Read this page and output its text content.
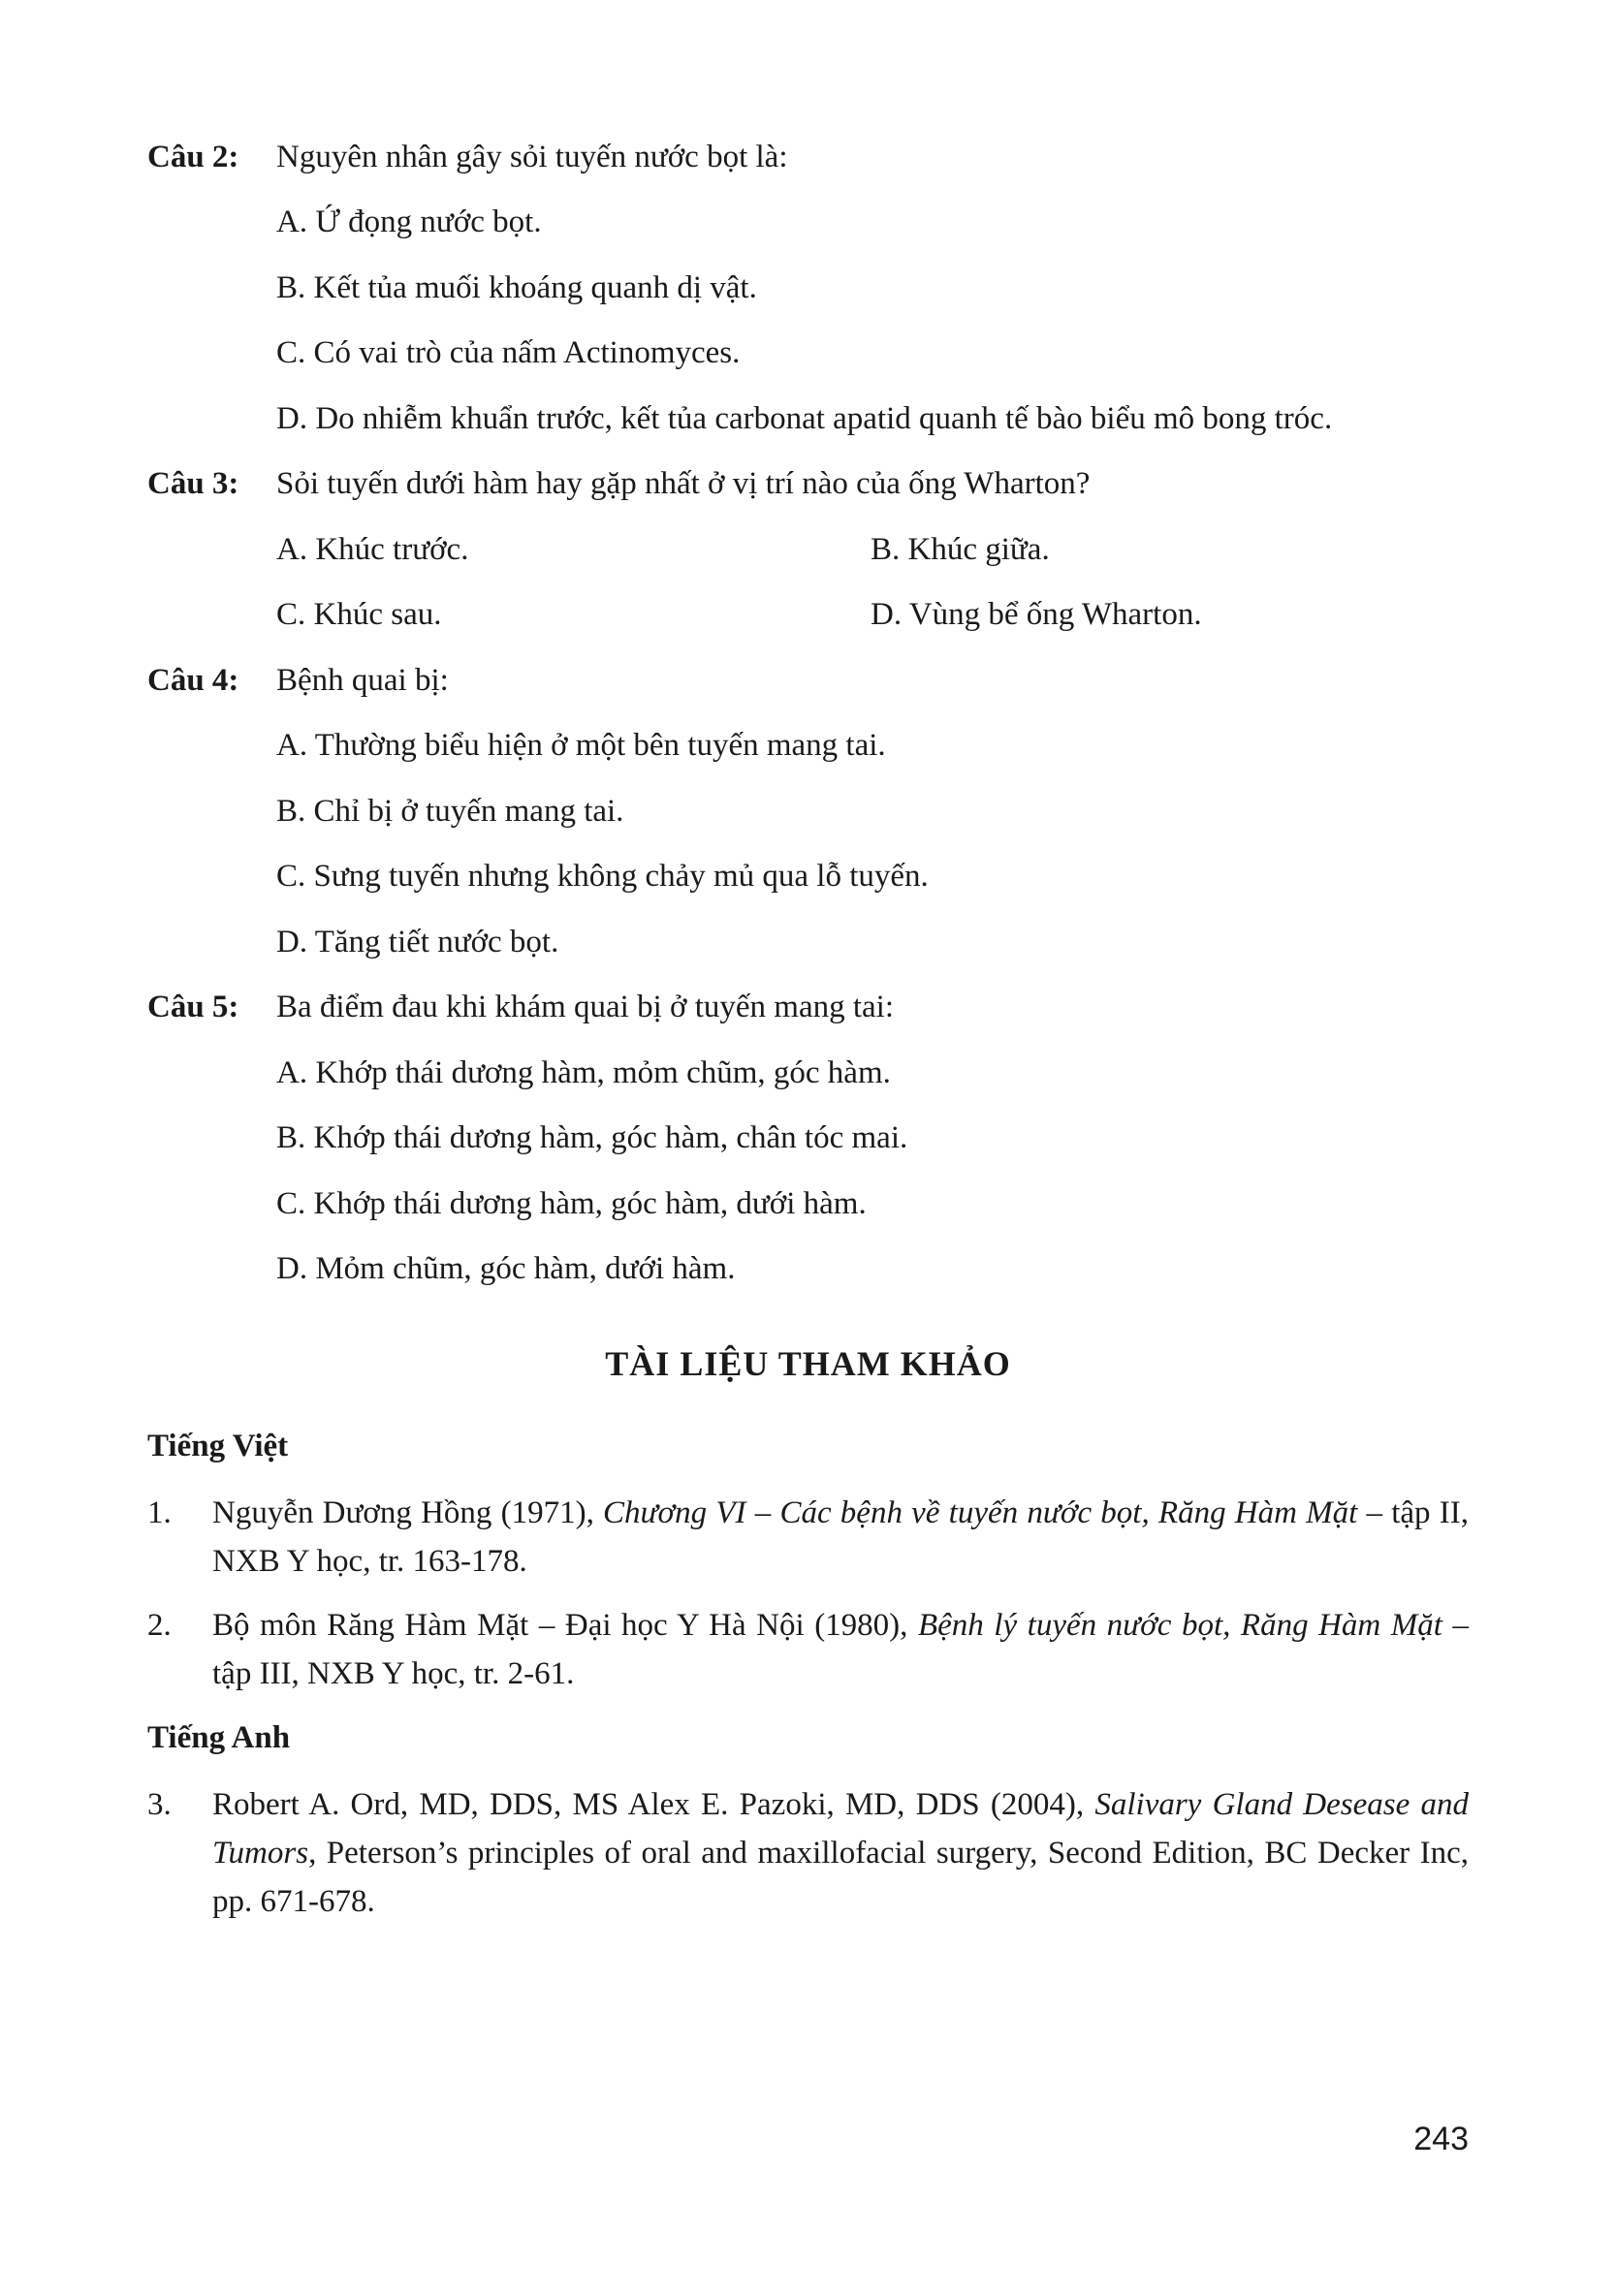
Câu 2: Nguyên nhân gây sỏi tuyến nước bọt là:
A. Ứ đọng nước bọt.
B. Kết tủa muối khoáng quanh dị vật.
C. Có vai trò của nấm Actinomyces.
D. Do nhiễm khuẩn trước, kết tủa carbonat apatid quanh tế bào biểu mô bong tróc.
Câu 3: Sỏi tuyến dưới hàm hay gặp nhất ở vị trí nào của ống Wharton?
A. Khúc trước.	B. Khúc giữa.
C. Khúc sau.	D. Vùng bể ống Wharton.
Câu 4: Bệnh quai bị:
A. Thường biểu hiện ở một bên tuyến mang tai.
B. Chỉ bị ở tuyến mang tai.
C. Sưng tuyến nhưng không chảy mủ qua lỗ tuyến.
D. Tăng tiết nước bọt.
Câu 5: Ba điểm đau khi khám quai bị ở tuyến mang tai:
A. Khớp thái dương hàm, mỏm chũm, góc hàm.
B. Khớp thái dương hàm, góc hàm, chân tóc mai.
C. Khớp thái dương hàm, góc hàm, dưới hàm.
D. Mỏm chũm, góc hàm, dưới hàm.
TÀI LIỆU THAM KHẢO
Tiếng Việt
1. Nguyễn Dương Hồng (1971), Chương VI – Các bệnh về tuyến nước bọt, Răng Hàm Mặt – tập II, NXB Y học, tr. 163-178.
2. Bộ môn Răng Hàm Mặt – Đại học Y Hà Nội (1980), Bệnh lý tuyến nước bọt, Răng Hàm Mặt – tập III, NXB Y học, tr. 2-61.
Tiếng Anh
3. Robert A. Ord, MD, DDS, MS Alex E. Pazoki, MD, DDS (2004), Salivary Gland Desease and Tumors, Peterson’s principles of oral and maxillofacial surgery, Second Edition, BC Decker Inc, pp. 671-678.
243
